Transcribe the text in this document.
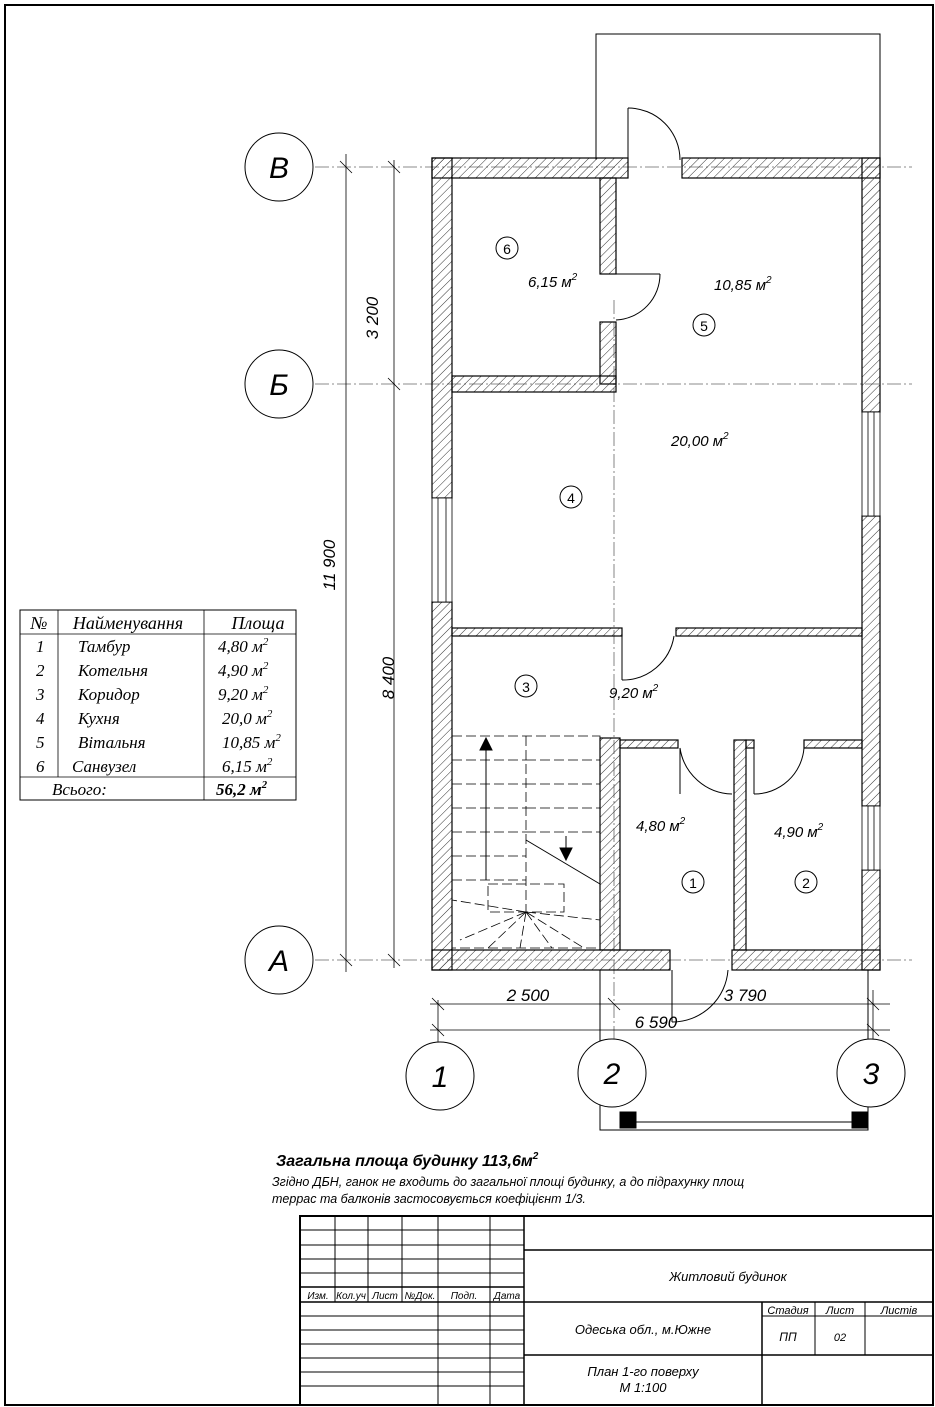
11 900
3 200
8 400
2 500	3 790
6 590
В
Б
А
1	2	3
1	2
3
4
5
6
4,80 $м^2$
4,90 $м^2$
9,20 $м^2$
20,00 $м^2$
10,85 $м^2$
6,15 $м^2$
№ Найменування	Площа
1 Тамбур	4,80 $м^2$
2 Котельня	4,90 $м^2$
3 Коридор	9,20 $м^2$
4 Кухня	20,0 $м^2$
5 Вітальня	10,85 $м^2$
6 Санвузел	6,15 $м^2$
Всього:	56,2 $м^2$
Загальна площа будинку $113,6м^2$
Згідно ДБН, ганок не входить до загальної площі будинку, а до підрахунку площ
террас та балконів застосовується коефіцієнт 1/3.
Изм. Кол.уч Лист №Док. Подп. Дата
Житловий будинок
Одеська обл., м.Южне
Стадия Лист Листів
ПП	02
План 1-го поверху
М 1:100
